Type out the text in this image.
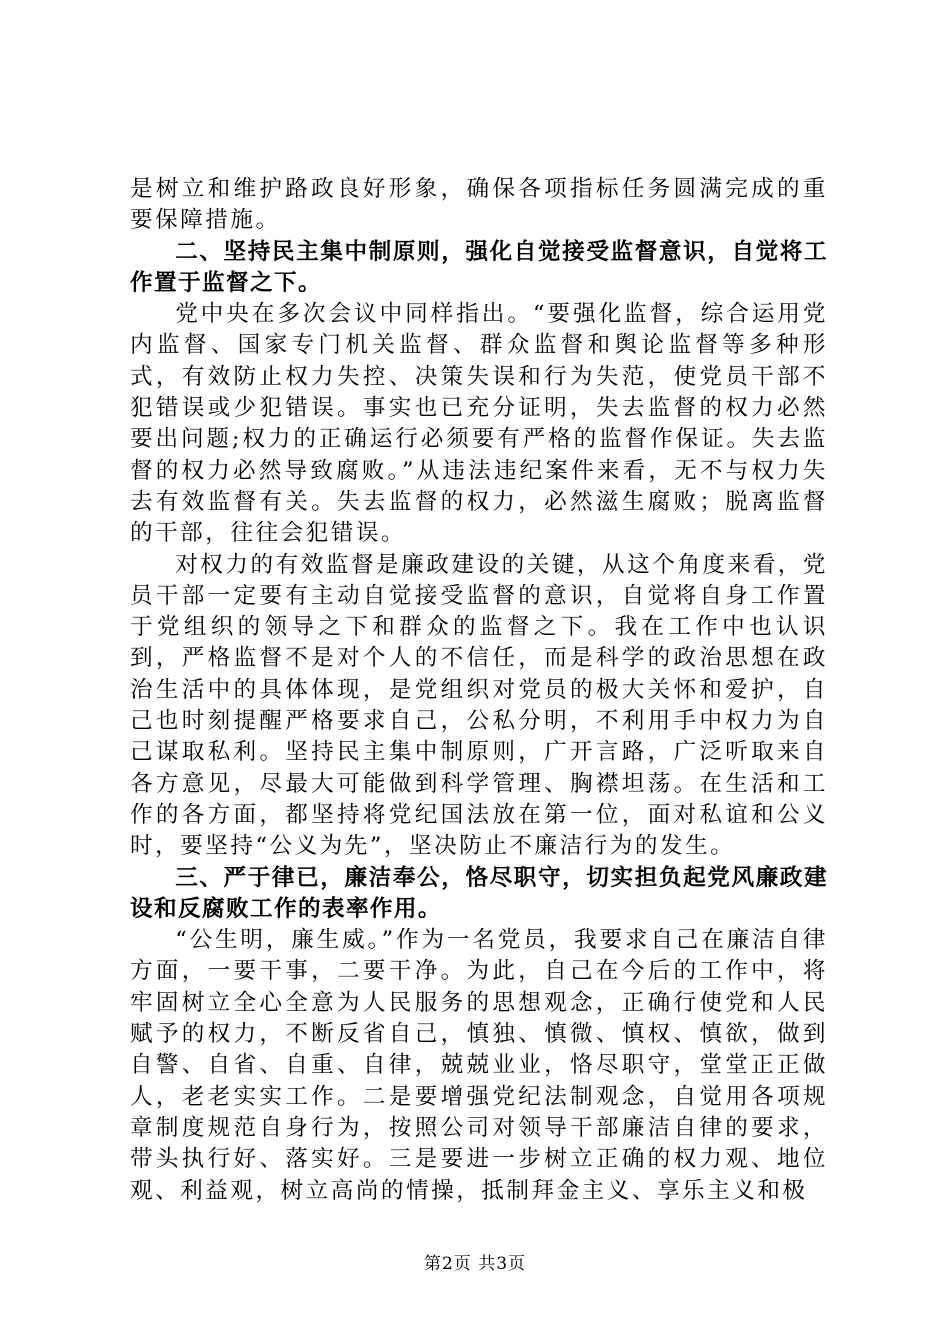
是树立和维护路政良好形象，确保各项指标任务圆满完成的重要保障措施。

二、坚持民主集中制原则，强化自觉接受监督意识，自觉将工作置于监督之下。

党中央在多次会议中同样指出。“要强化监督，综合运用党内监督、国家专门机关监督、群众监督和舆论监督等多种形式，有效防止权力失控、决策失误和行为失范，使党员干部不犯错误或少犯错误。事实也已充分证明，失去监督的权力必然要出问题;权力的正确运行必须要有严格的监督作保证。失去监督的权力必然导致腐败。”从违法违纪案件来看，无不与权力失去有效监督有关。失去监督的权力，必然滋生腐败；脱离监督的干部，往往会犯错误。

对权力的有效监督是廉政建设的关键，从这个角度来看，党员干部一定要有主动自觉接受监督的意识，自觉将自身工作置于党组织的领导之下和群众的监督之下。我在工作中也认识到，严格监督不是对个人的不信任，而是科学的政治思想在政治生活中的具体体现，是党组织对党员的极大关怀和爱护，自己也时刻提醒严格要求自己，公私分明，不利用手中权力为自己谋取私利。坚持民主集中制原则，广开言路，广泛听取来自各方意见，尽最大可能做到科学管理、胸襟坦荡。在生活和工作的各方面，都坚持将党纪国法放在第一位，面对私谊和公义时，要坚持“公义为先”，坚决防止不廉洁行为的发生。

三、严于律已，廉洁奉公，恪尽职守，切实担负起党风廉政建设和反腐败工作的表率作用。

“公生明，廉生威。”作为一名党员，我要求自己在廉洁自律方面，一要干事，二要干净。为此，自己在今后的工作中，将牢固树立全心全意为人民服务的思想观念，正确行使党和人民赋予的权力，不断反省自己，慎独、慎微、慎权、慎欲，做到自警、自省、自重、自律，兢兢业业，恪尽职守，堂堂正正做人，老老实实工作。二是要增强党纪法制观念，自觉用各项规章制度规范自身行为，按照公司对领导干部廉洁自律的要求，带头执行好、落实好。三是要进一步树立正确的权力观、地位观、利益观，树立高尚的情操，抵制拜金主义、享乐主义和极

第2页 共3页
